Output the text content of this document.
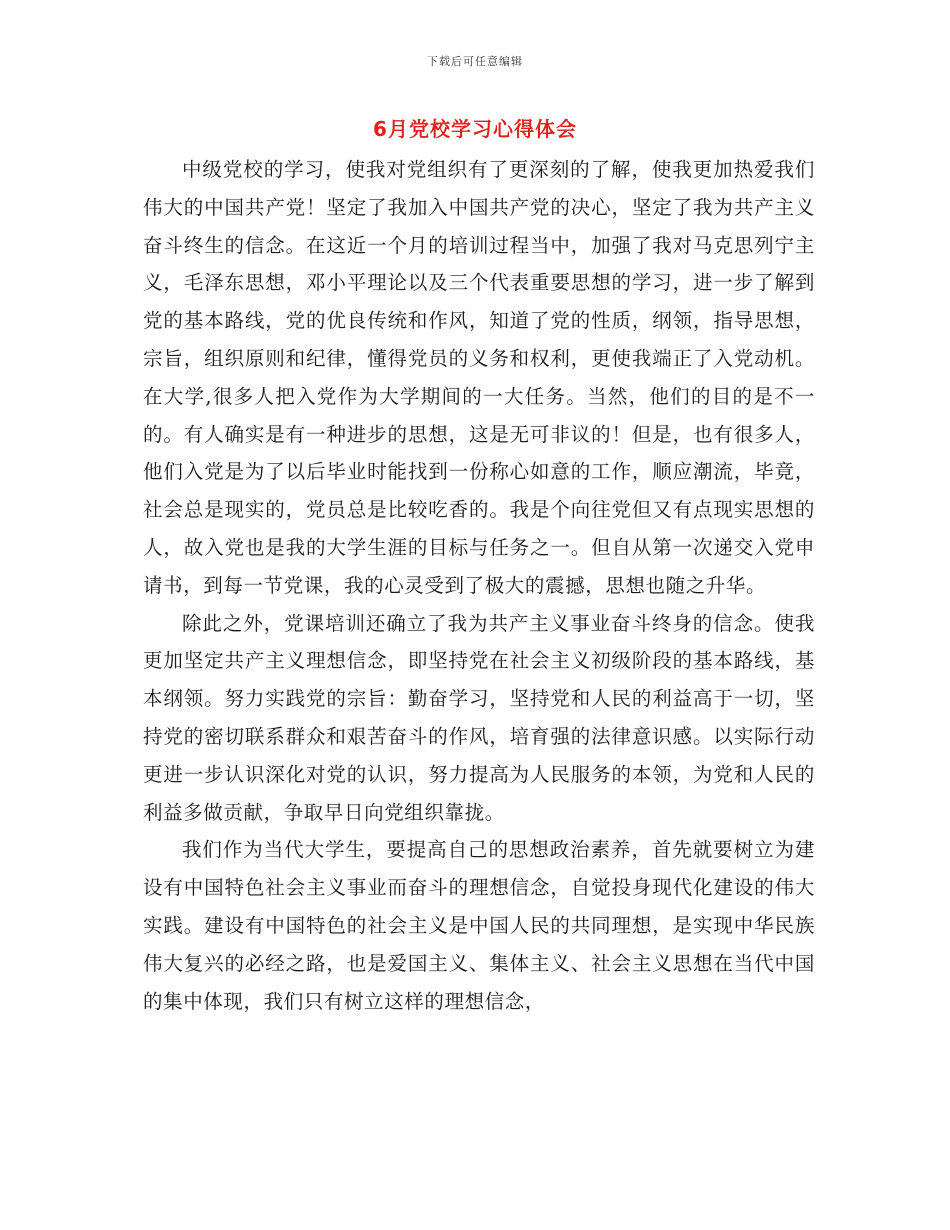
下载后可任意编辑
6月党校学习心得体会

中级党校的学习，使我对党组织有了更深刻的了解，使我更加热爱我们伟大的中国共产党！坚定了我加入中国共产党的决心，坚定了我为共产主义奋斗终生的信念。在这近一个月的培训过程当中，加强了我对马克思列宁主义，毛泽东思想，邓小平理论以及三个代表重要思想的学习，进一步了解到党的基本路线，党的优良传统和作风，知道了党的性质，纲领，指导思想，宗旨，组织原则和纪律，懂得党员的义务和权利，更使我端正了入党动机。在大学,很多人把入党作为大学期间的一大任务。当然，他们的目的是不一的。有人确实是有一种进步的思想，这是无可非议的！但是，也有很多人，他们入党是为了以后毕业时能找到一份称心如意的工作，顺应潮流，毕竟，社会总是现实的，党员总是比较吃香的。我是个向往党但又有点现实思想的人，故入党也是我的大学生涯的目标与任务之一。但自从第一次递交入党申请书，到每一节党课，我的心灵受到了极大的震撼，思想也随之升华。

除此之外，党课培训还确立了我为共产主义事业奋斗终身的信念。使我更加坚定共产主义理想信念，即坚持党在社会主义初级阶段的基本路线，基本纲领。努力实践党的宗旨：勤奋学习，坚持党和人民的利益高于一切，坚持党的密切联系群众和艰苦奋斗的作风，培育强的法律意识感。以实际行动更进一步认识深化对党的认识，努力提高为人民服务的本领，为党和人民的利益多做贡献，争取早日向党组织靠拢。

我们作为当代大学生，要提高自己的思想政治素养，首先就要树立为建设有中国特色社会主义事业而奋斗的理想信念，自觉投身现代化建设的伟大实践。建设有中国特色的社会主义是中国人民的共同理想，是实现中华民族伟大复兴的必经之路，也是爱国主义、集体主义、社会主义思想在当代中国的集中体现，我们只有树立这样的理想信念，
